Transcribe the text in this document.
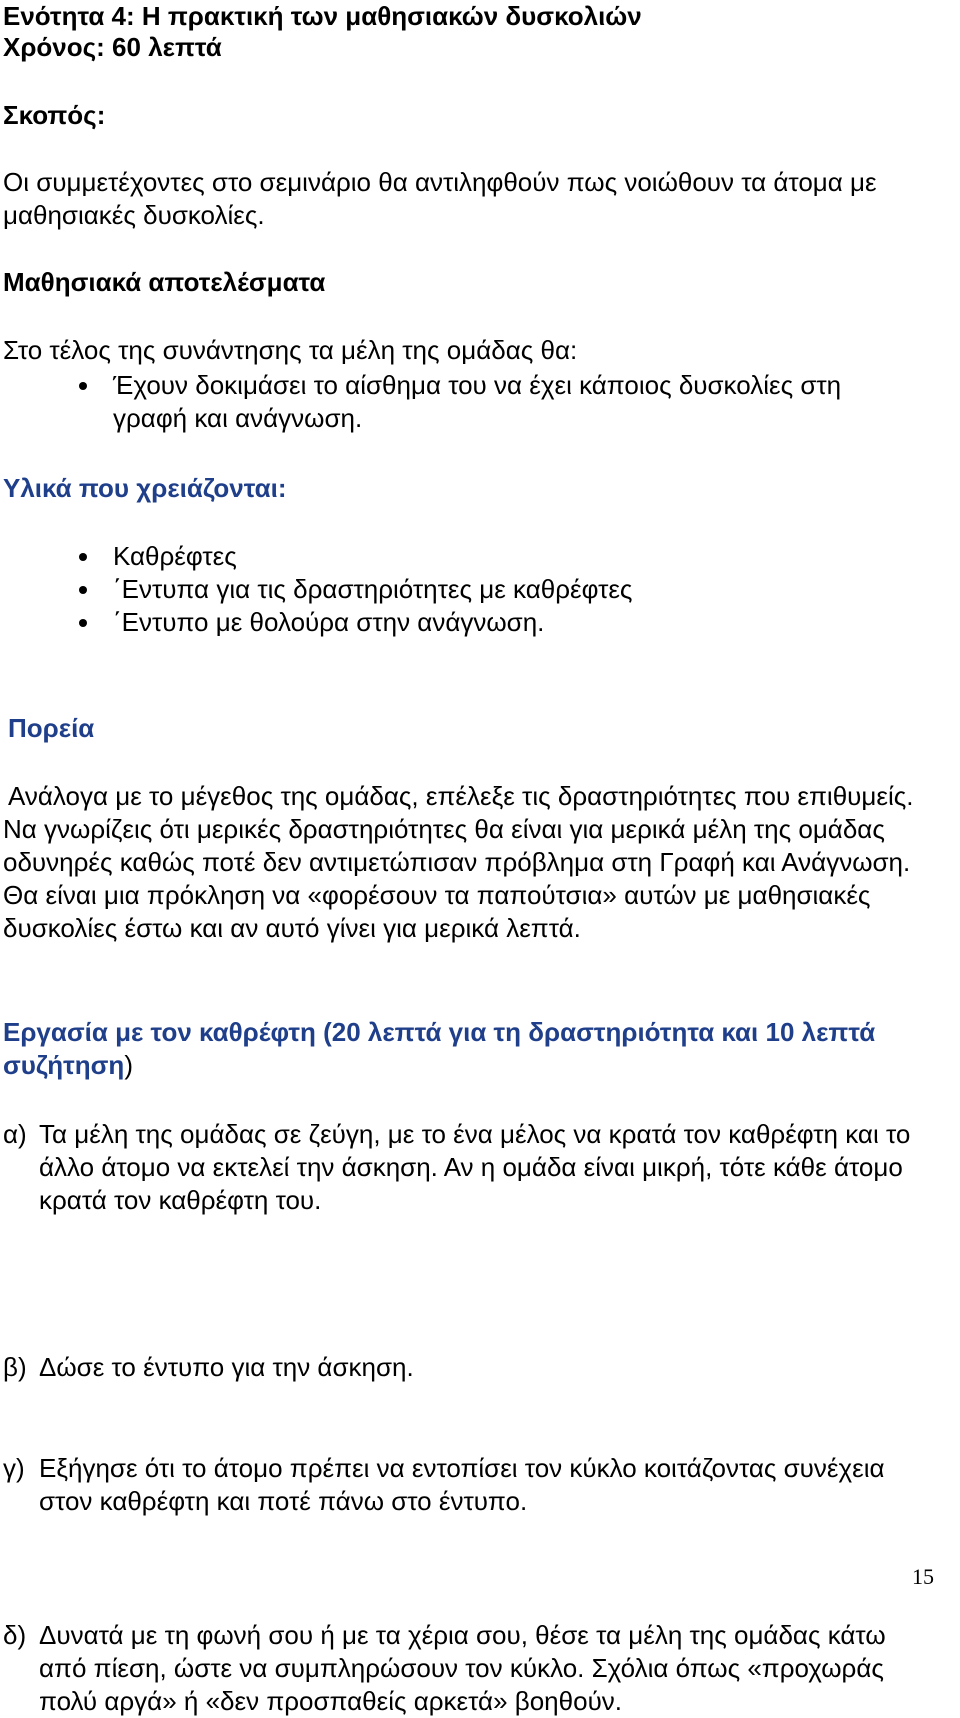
Ενότητα 4: Η πρακτική των μαθησιακών δυσκολιών
Χρόνος: 60 λεπτά
Σκοπός:
Οι συμμετέχοντες στο σεμινάριο θα αντιληφθούν πως νοιώθουν τα άτομα με μαθησιακές δυσκολίες.
Μαθησιακά αποτελέσματα
Στο τέλος της συνάντησης τα μέλη της ομάδας θα:
Έχουν δοκιμάσει το αίσθημα του να έχει κάποιος δυσκολίες στη γραφή και ανάγνωση.
Υλικά που χρειάζονται:
Καθρέφτες
΄Εντυπα για τις δραστηριότητες με καθρέφτες
΄Εντυπο με θολούρα στην ανάγνωση.
Πορεία
Ανάλογα με το μέγεθος της ομάδας, επέλεξε τις δραστηριότητες που επιθυμείς. Να γνωρίζεις ότι μερικές δραστηριότητες θα είναι για μερικά μέλη της ομάδας οδυνηρές καθώς ποτέ δεν αντιμετώπισαν πρόβλημα στη Γραφή και Ανάγνωση. Θα είναι μια πρόκληση να «φορέσουν τα παπούτσια» αυτών με μαθησιακές δυσκολίες έστω και αν αυτό γίνει για μερικά λεπτά.
Εργασία με τον καθρέφτη (20 λεπτά για τη δραστηριότητα και 10 λεπτά συζήτηση)
α) Τα μέλη της ομάδας σε ζεύγη, με το ένα μέλος να κρατά τον καθρέφτη και το άλλο άτομο να εκτελεί την άσκηση. Αν η ομάδα είναι μικρή, τότε κάθε άτομο κρατά τον καθρέφτη του.
β) Δώσε το έντυπο για την άσκηση.
γ) Εξήγησε ότι το άτομο πρέπει να εντοπίσει τον κύκλο κοιτάζοντας συνέχεια στον καθρέφτη και ποτέ πάνω στο έντυπο.
δ) Δυνατά με τη φωνή σου ή με τα χέρια σου, θέσε τα μέλη της ομάδας κάτω από πίεση, ώστε να συμπληρώσουν τον κύκλο. Σχόλια όπως «προχωράς πολύ αργά» ή «δεν προσπαθείς αρκετά» βοηθούν.
15
